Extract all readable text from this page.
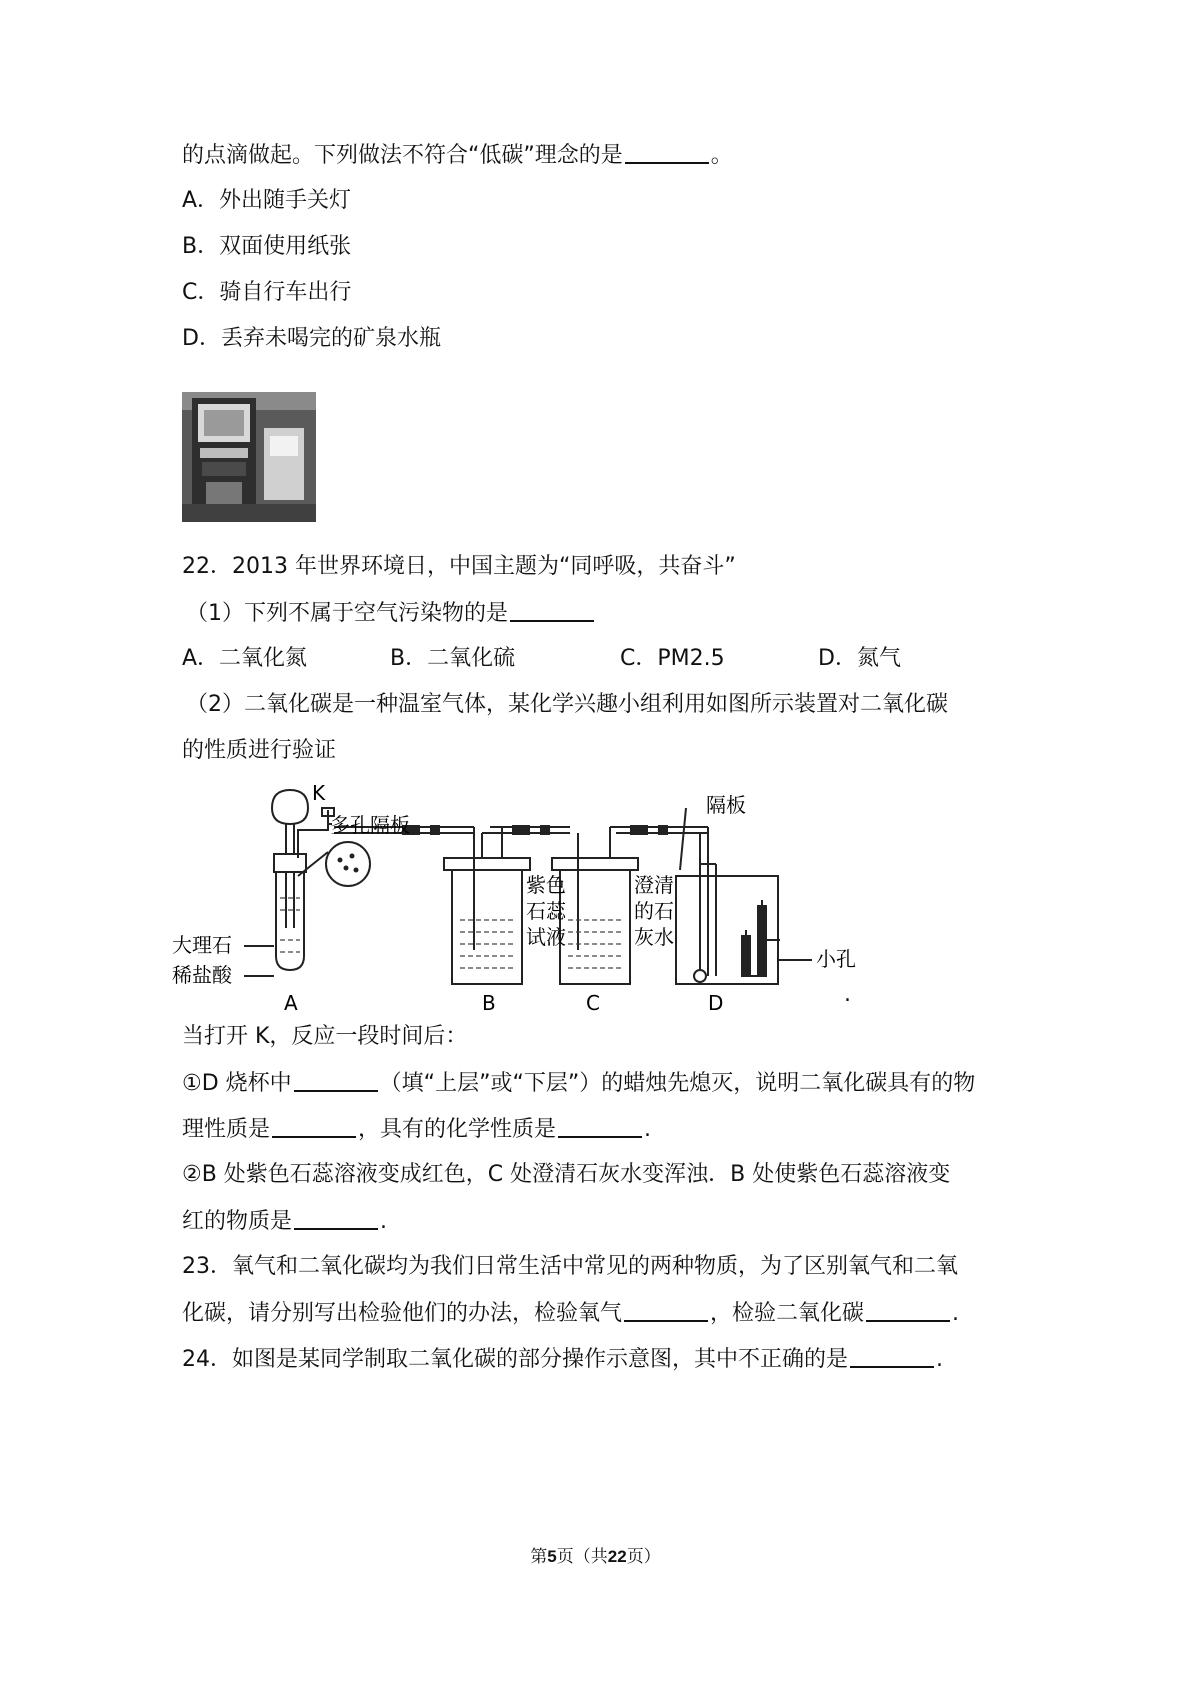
的点滴做起。下列做法不符合“低碳”理念的是	。
A．外出随手关灯
B．双面使用纸张
C．骑自行车出行
D．丢弃未喝完的矿泉水瓶
22．2013 年世界环境日，中国主题为“同呼吸，共奋斗”
（1）下列不属于空气污染物的是
A．二氧化氮	B．二氧化硫	C．PM2.5	D．氮气
（2）二氧化碳是一种温室气体，某化学兴趣小组利用如图所示装置对二氧化碳
的性质进行验证
K
多孔隔板
大理石
稀盐酸
紫色
石蕊
试液
澄清
的石
灰水
隔板
小孔
A	B	C	D	.
当打开 K，反应一段时间后：
①D 烧杯中	（填“上层”或“下层”）的蜡烛先熄灭，说明二氧化碳具有的物
理性质是	，具有的化学性质是	.
②B 处紫色石蕊溶液变成红色，C 处澄清石灰水变浑浊．B 处使紫色石蕊溶液变
红的物质是	.
23．氧气和二氧化碳均为我们日常生活中常见的两种物质，为了区别氧气和二氧
化碳，请分别写出检验他们的办法，检验氧气	，检验二氧化碳	.
24．如图是某同学制取二氧化碳的部分操作示意图，其中不正确的是	.
第5页（共22页）
